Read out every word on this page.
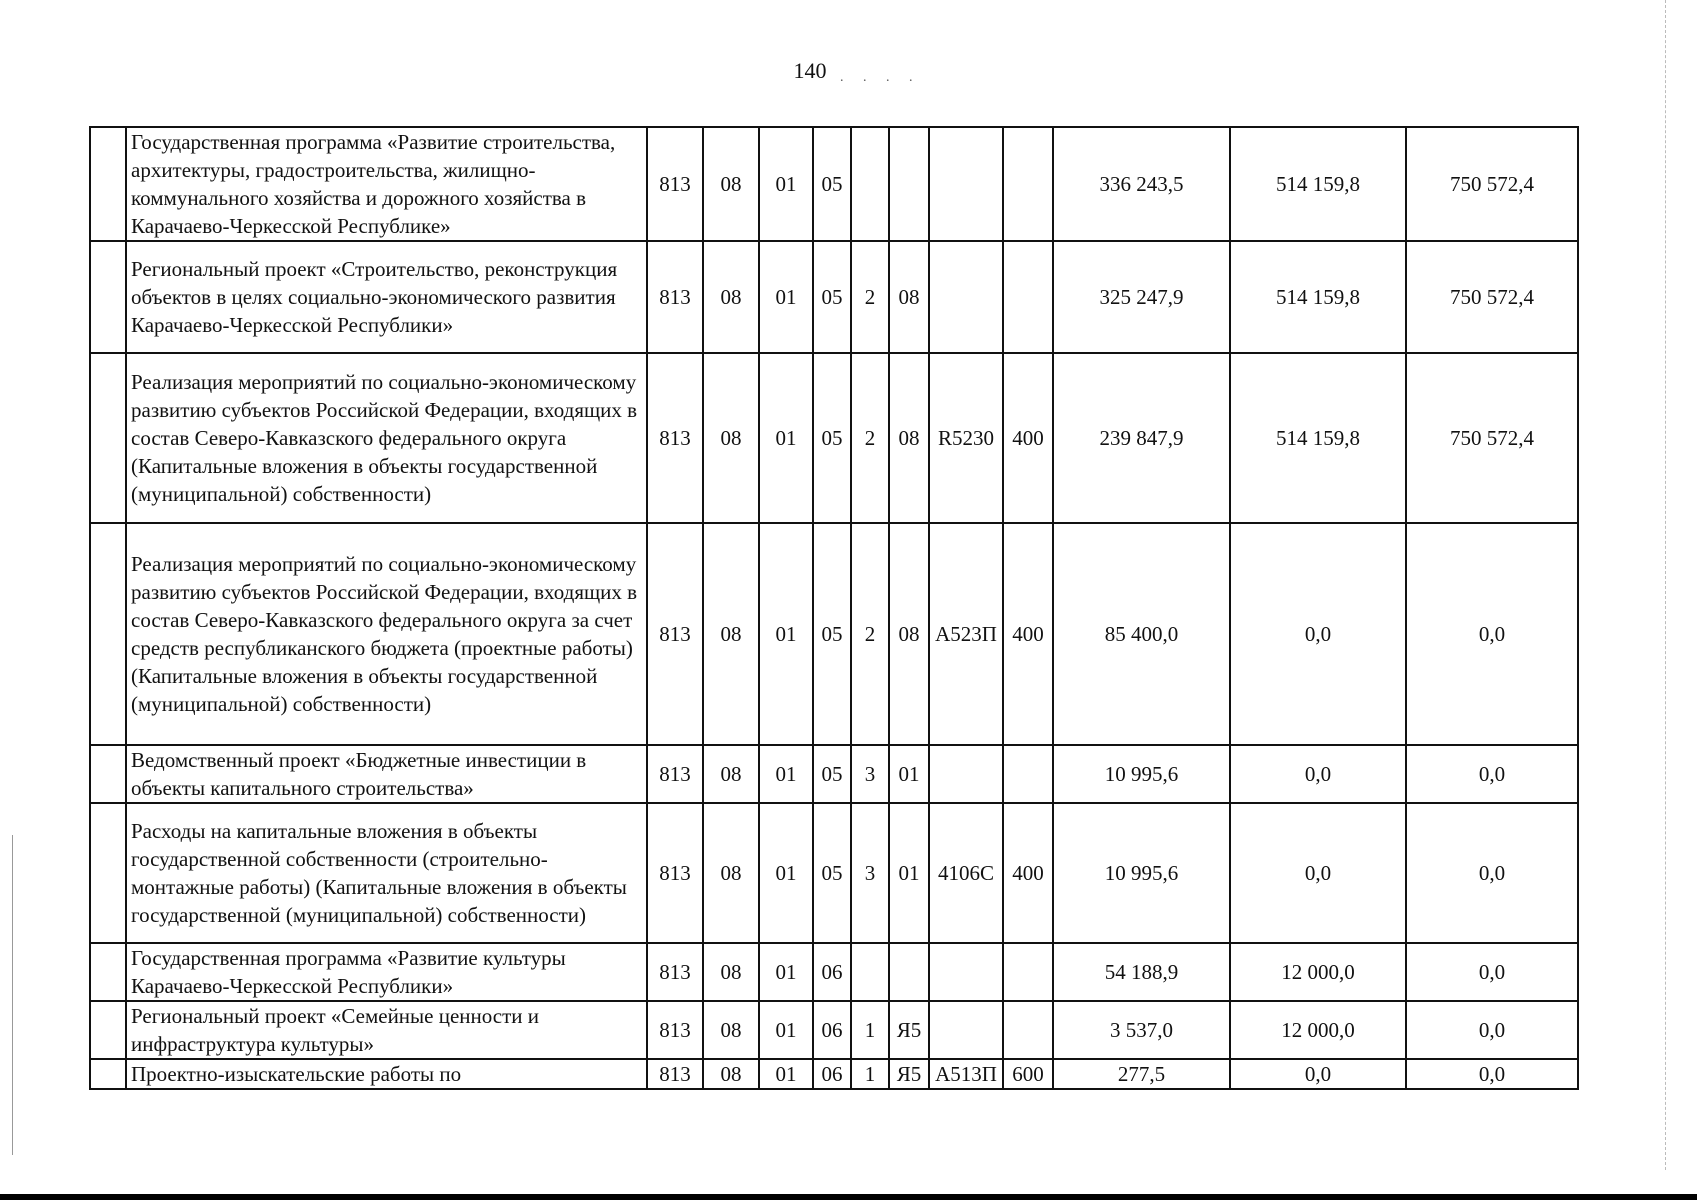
140 . . . .
	Государственная программа «Развитие строительства, архитектуры, градостроительства, жилищно-коммунального хозяйства и дорожного хозяйства в Карачаево-Черкесской Республике»	813	08	01	05					336 243,5	514 159,8	750 572,4
	Региональный проект «Строительство, реконструкция объектов в целях социально-экономического развития Карачаево-Черкесской Республики»	813	08	01	05	2	08			325 247,9	514 159,8	750 572,4
	Реализация мероприятий по социально-экономическому развитию субъектов Российской Федерации, входящих в состав Северо-Кавказского федерального округа (Капитальные вложения в объекты государственной (муниципальной) собственности)	813	08	01	05	2	08	R5230	400	239 847,9	514 159,8	750 572,4
	Реализация мероприятий по социально-экономическому развитию субъектов Российской Федерации, входящих в состав Северо-Кавказского федерального округа за счет средств республиканского бюджета (проектные работы) (Капитальные вложения в объекты государственной (муниципальной) собственности)	813	08	01	05	2	08	А523П	400	85 400,0	0,0	0,0
	Ведомственный проект «Бюджетные инвестиции в объекты капитального строительства»	813	08	01	05	3	01			10 995,6	0,0	0,0
	Расходы на капитальные вложения в объекты государственной собственности (строительно-монтажные работы) (Капитальные вложения в объекты государственной (муниципальной) собственности)	813	08	01	05	3	01	4106С	400	10 995,6	0,0	0,0
	Государственная программа «Развитие культуры Карачаево-Черкесской Республики»	813	08	01	06					54 188,9	12 000,0	0,0
	Региональный проект «Семейные ценности и инфраструктура культуры»	813	08	01	06	1	Я5			3 537,0	12 000,0	0,0
	Проектно-изыскательские работы по	813	08	01	06	1	Я5	А513П	600	277,5	0,0	0,0
